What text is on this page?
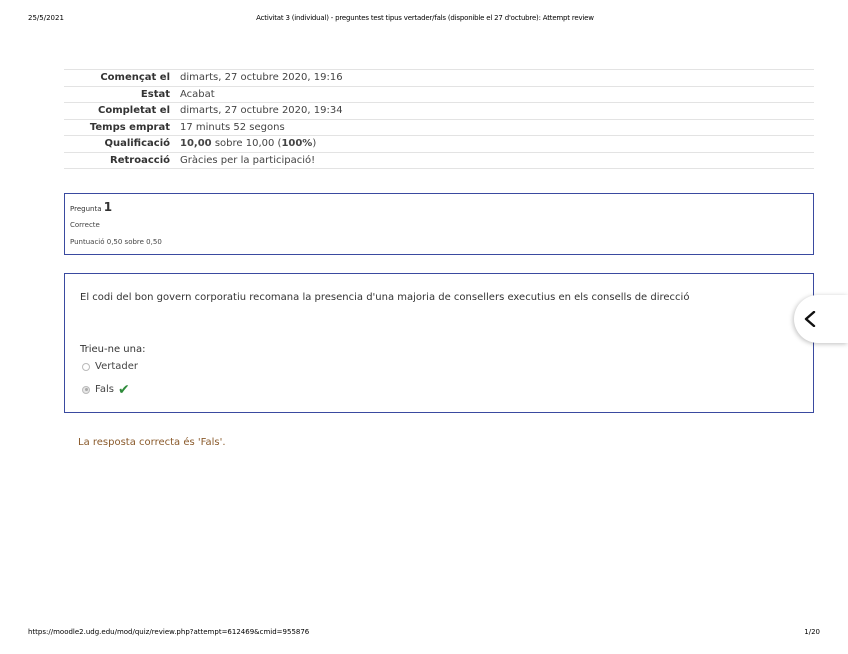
25/5/2021	Activitat 3 (individual) - preguntes test tipus vertader/fals (disponible el 27 d'octubre): Attempt review
Començat el	dimarts, 27 octubre 2020, 19:16
Estat	Acabat
Completat el	dimarts, 27 octubre 2020, 19:34
Temps emprat	17 minuts 52 segons
Qualificació	10,00 sobre 10,00 (100%)
Retroacció	Gràcies per la participació!
Pregunta 1
Correcte
Puntuació 0,50 sobre 0,50
El codi del bon govern corporatiu recomana la presencia d'una majoria de consellers executius en els consells de direcció
Trieu-ne una:
Vertader
Fals ✔
La resposta correcta és 'Fals'.
https://moodle2.udg.edu/mod/quiz/review.php?attempt=612469&cmid=955876	1/20
